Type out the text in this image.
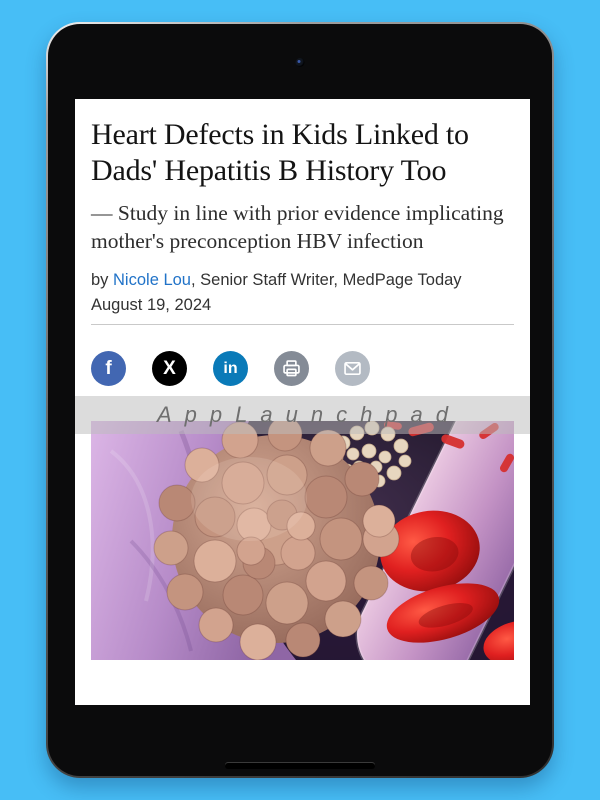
Heart Defects in Kids Linked to Dads' Hepatitis B History Too

— Study in line with prior evidence implicating mother's preconception HBV infection

by Nicole Lou, Senior Staff Writer, MedPage Today
August 19, 2024
f	X	in
AppLaunchpad
